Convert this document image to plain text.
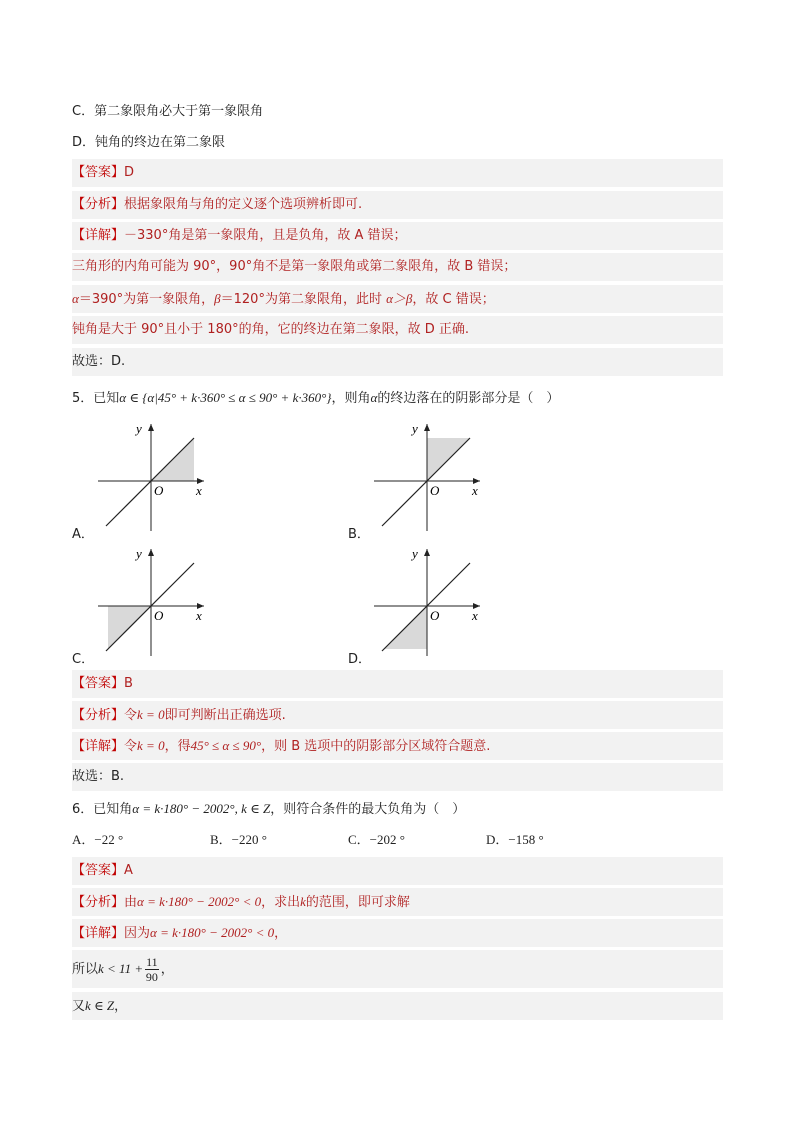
C．第二象限角必大于第一象限角
D．钝角的终边在第二象限
【答案】D
【分析】根据象限角与角的定义逐个选项辨析即可.
【详解】－330°角是第一象限角，且是负角，故 A 错误；
三角形的内角可能为 90°，90°角不是第一象限角或第二象限角，故 B 错误；
α＝390°为第一象限角，β＝120°为第二象限角，此时 α＞β，故 C 错误；
钝角是大于 90°且小于 180°的角，它的终边在第二象限，故 D 正确.
故选：D.
5．已知α ∈ {α|45° + k·360° ≤ α ≤ 90° + k·360°}，则角α的终边落在的阴影部分是（　）
x
y
O
A．
x
y
O
B．
x
y
O
C．
x
y
O
D．
【答案】B
【分析】令k = 0即可判断出正确选项.
【详解】令k = 0，得45° ≤ α ≤ 90°，则 B 选项中的阴影部分区域符合题意.
故选：B.
6．已知角α = k·180° − 2002°, k ∈ Z，则符合条件的最大负角为（　）
A．−22 °	B．−220 °	C．−202 °	D．−158 °
【答案】A
【分析】由α = k·180° − 2002° < 0，求出k的范围，即可求解
【详解】因为α = k·180° − 2002° < 0，
所以$k < 11 + \frac{11}{90}$ ，
又k ∈ Z，
